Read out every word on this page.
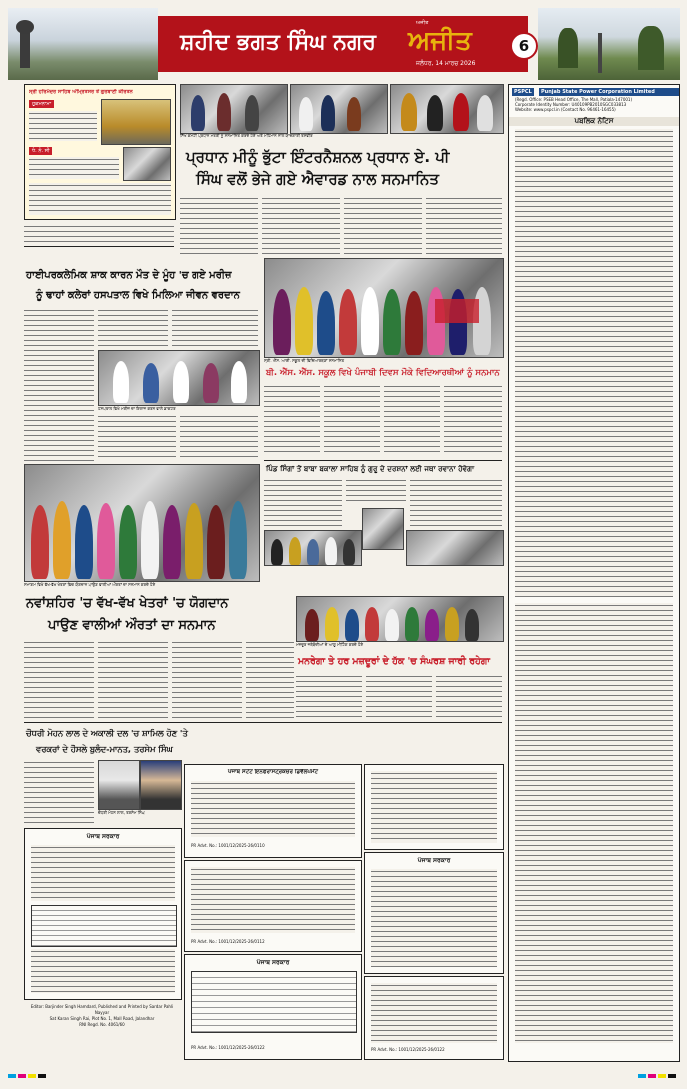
ਸ਼ਹੀਦ ਭਗਤ ਸਿੰਘ ਨਗਰ
ਅਜੀਤ
ਅਜੀਤ
ਜਲੰਧਰ, 14 ਮਾਰਚ 2026
6
ਸ੍ਰੀ ਹਰਿਮੰਦਰ ਸਾਹਿਬ ਅੰਮ੍ਰਿਤਸਰ ਤੋਂ ਗੁਰਬਾਣੀ ਕੀਰਤਨ
ਹੁਕਮਨਾਮਾ
ਧੰ. ਨੰ. ਸੀ
ਸਿੱਖ ਕਮੇਟੀ ਪ੍ਰਧਾਨ ਮੰਤਰੀ ਨੂੰ ਸਨਮਾਨਿਤ ਕਰਦੇ ਹੋਏ ਅਤੇ ਮਹਿਮਾਨ ਨਾਲ ਯਾਦਗਾਰੀ ਤਸਵੀਰ
ਪ੍ਰਧਾਨ ਮੀਨੂੰ ਭੁੱਟਾ ਇੰਟਰਨੈਸ਼ਨਲ ਪ੍ਰਧਾਨ ਏ. ਪੀ
ਸਿੰਘ ਵਲੋਂ ਭੇਜੇ ਗਏ ਐਵਾਰਡ ਨਾਲ ਸਨਮਾਨਿਤ
ਹਾਈਪਰਕਲੇਮਿਕ ਸ਼ਾਕ ਕਾਰਨ ਮੌਤ ਦੇ ਮੂੰਹ 'ਚ ਗਏ ਮਰੀਜ਼
ਨੂੰ ਢਾਹਾਂ ਕਲੇਰਾਂ ਹਸਪਤਾਲ ਵਿਖੇ ਮਿਲਿਆ ਜੀਵਨ ਵਰਦਾਨ
ਹਸਪਤਾਲ ਵਿਖੇ ਮਰੀਜ਼ ਦਾ ਇਲਾਜ ਕਰਨ ਵਾਲੇ ਡਾਕਟਰ
ਸ੍ਰੀ. ਐੱਸ. ਆਈ. ਸਕੂਲ ਦੀ ਵਿਦਿਆਰਥਣਾਂ ਸਨਮਾਨਿਤ
ਬੀ. ਐੱਸ. ਐੱਸ. ਸਕੂਲ ਵਿਖੇ ਪੰਜਾਬੀ ਦਿਵਸ ਮੌਕੇ ਵਿਦਿਆਰਥੀਆਂ ਨੂੰ ਸਨਮਾਨ
ਪਿੰਡ ਸਿੰਗਾਂ ਤੋਂ ਬਾਬਾ ਬਕਾਲਾ ਸਾਹਿਬ ਨੂੰ ਗੁਰੂ ਦੇ ਦਰਸ਼ਨਾਂ ਲਈ ਜਥਾ ਰਵਾਨਾ ਹੋਵੇਗਾ
ਸਮਾਗਮ ਵਿਖੇ ਵੱਖ-ਵੱਖ ਖੇਤਰਾਂ ਵਿਚ ਯੋਗਦਾਨ ਪਾਉਣ ਵਾਲੀਆਂ ਔਰਤਾਂ ਦਾ ਸਨਮਾਨ ਕਰਦੇ ਹੋਏ
ਨਵਾਂਸ਼ਹਿਰ 'ਚ ਵੱਖ-ਵੱਖ ਖੇਤਰਾਂ 'ਚ ਯੋਗਦਾਨ
ਪਾਉਣ ਵਾਲੀਆਂ ਔਰਤਾਂ ਦਾ ਸਨਮਾਨ
ਮਜ਼ਦੂਰ ਜਥੇਬੰਦੀਆਂ ਦੇ ਆਗੂ ਮੀਟਿੰਗ ਕਰਦੇ ਹੋਏ
ਮਨਰੇਗਾ ਤੇ ਹਰ ਮਜ਼ਦੂਰਾਂ ਦੇ ਹੱਕ 'ਚ ਸੰਘਰਸ਼ ਜਾਰੀ ਰਹੇਗਾ
ਚੌਧਰੀ ਮੋਹਨ ਲਾਲ ਦੇ ਅਕਾਲੀ ਦਲ 'ਚ ਸ਼ਾਮਿਲ ਹੋਣ 'ਤੇ
ਵਰਕਰਾਂ ਦੇ ਹੌਸਲੇ ਬੁਲੰਦ-ਮਾਨਤ, ਤਰਸੇਮ ਸਿੰਘ
ਚੌਧਰੀ ਮੋਹਨ ਲਾਲ, ਤਰਸੇਮ ਸਿੰਘ
ਪੰਜਾਬ ਸਰਕਾਰ
Editor: Barjinder Singh Hamdard, Published and Printed by Sardar Pahli Nayyar
Sat Karan Singh Rai, Plot No. 1, Mall Road, Jalandhar
RNI Regd. No. 4061/60
ਪੰਜਾਬ ਸਟੇਟ ਇਨਫਰਾਸਟ੍ਰਕਚਰ ਡਿਵੈਲਪਮੈਂਟ
PR Advt. No.: 1001/12/2025-26/0110
PR Advt. No.: 1001/12/2025-26/0112
ਪੰਜਾਬ ਸਰਕਾਰ
PR Advt. No.: 1001/12/2025-26/0122
ਪੰਜਾਬ ਸਰਕਾਰ
PR Advt. No.: 1001/12/2025-26/0122
PSPCL	Punjab State Power Corporation Limited
(Regd. Office: PSEB Head Office, The Mall, Patiala-147001)
Corporate Identity Number: U40109PB2010SGC033813
Website: www.pspcl.in (Contact No. 96461-16455)
ਪਬਲਿਕ ਨੋਟਿਸ
